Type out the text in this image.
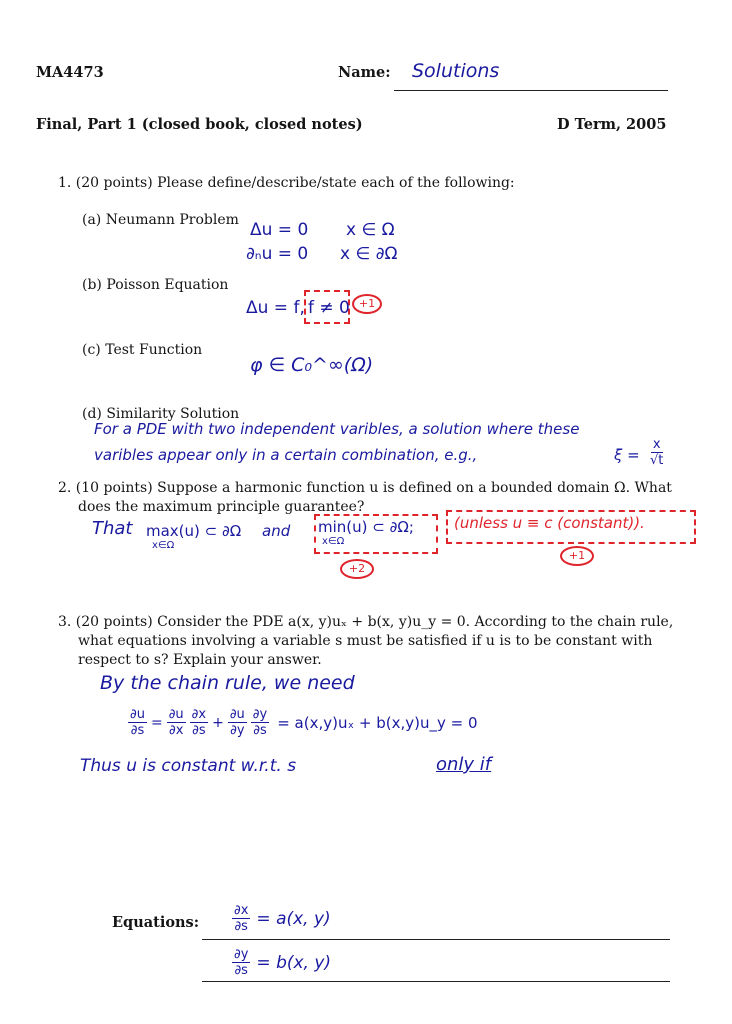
MA4473	Name: Solutions
Final, Part 1 (closed book, closed notes)	D Term, 2005
1. (20 points) Please define/describe/state each of the following:
(a) Neumann Problem Δu = 0 x ∈ Ω
∂ₙu = 0 x ∈ ∂Ω
(b) Poisson Equation
Δu = f, f ≠ 0 +1
(c) Test Function
φ ∈ C₀^∞(Ω)
(d) Similarity Solution
For a PDE with two independent varibles, a solution where these
varibles appear only in a certain combination, e.g.,	$\xi = \frac{x}{√t}$
2. (10 points) Suppose a harmonic function u is defined on a bounded domain Ω. What
does the maximum principle guarantee?
That max(u) ⊂ ∂Ω
x∈Ω
and min(u) ⊂ ∂Ω;
x∈Ω
+2
(unless u ≡ c (constant)).
+1
3. (20 points) Consider the PDE a(x, y)uₓ + b(x, y)u_y = 0. According to the chain rule,
what equations involving a variable s must be satisfied if u is to be constant with
respect to s? Explain your answer.
By the chain rule, we need
$\frac{\partial u}{\partial s} = \frac{\partial u}{\partial x} \frac{\partial x}{\partial s} + \frac{\partial u}{\partial y} \frac{\partial y}{\partial s} = a(x,y)u_x$ + b(x,y)u_y = 0
Thus u is constant w.r.t. s	only if
Equations:	$\frac{\partial x}{\partial s} = a(x$, y)
$\frac{\partial y}{\partial s} = b(x$, y)
